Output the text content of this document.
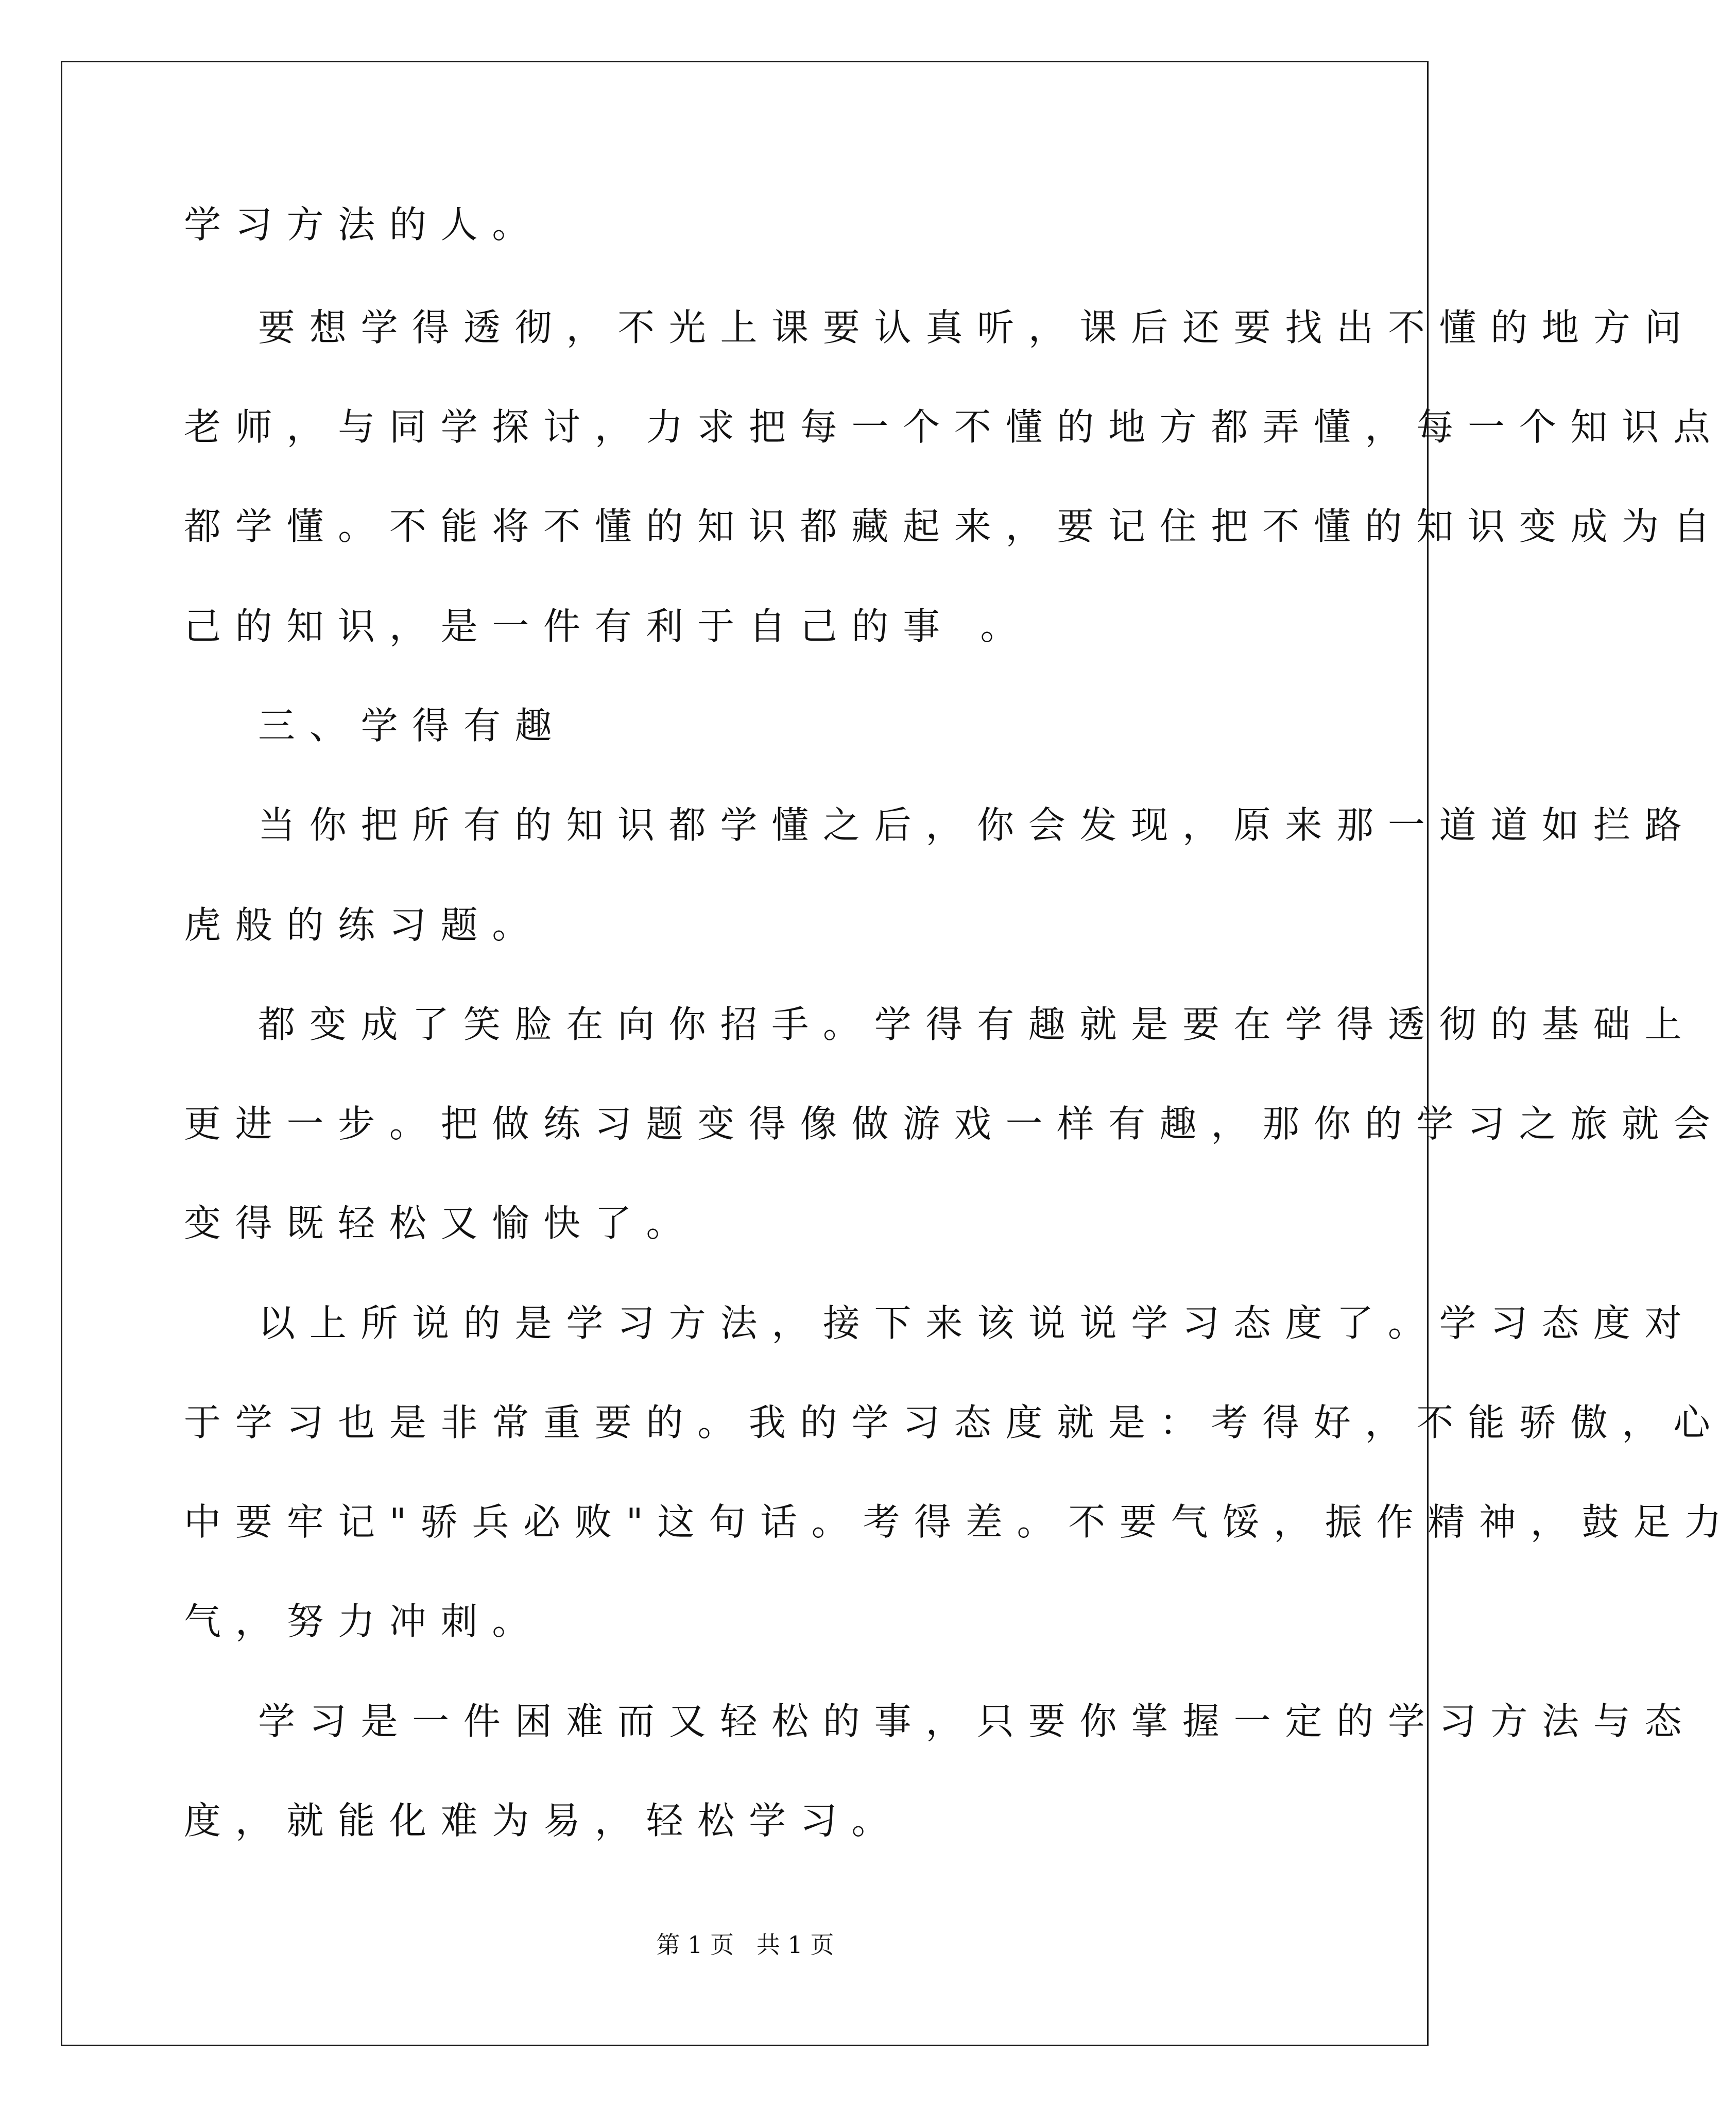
学习方法的人。
要想学得透彻，不光上课要认真听，课后还要找出不懂的地方问
老师，与同学探讨，力求把每一个不懂的地方都弄懂，每一个知识点
都学懂。不能将不懂的知识都藏起来，要记住把不懂的知识变成为自
己的知识，是一件有利于自己的事 。
三、学得有趣
当你把所有的知识都学懂之后，你会发现，原来那一道道如拦路
虎般的练习题。
都变成了笑脸在向你招手。学得有趣就是要在学得透彻的基础上
更进一步。把做练习题变得像做游戏一样有趣，那你的学习之旅就会
变得既轻松又愉快了。
以上所说的是学习方法，接下来该说说学习态度了。学习态度对
于学习也是非常重要的。我的学习态度就是：考得好，不能骄傲，心
中要牢记"骄兵必败"这句话。考得差。不要气馁，振作精神，鼓足力
气，努力冲刺。
学习是一件困难而又轻松的事，只要你掌握一定的学习方法与态
度，就能化难为易，轻松学习。
第 1 页   共 1 页
